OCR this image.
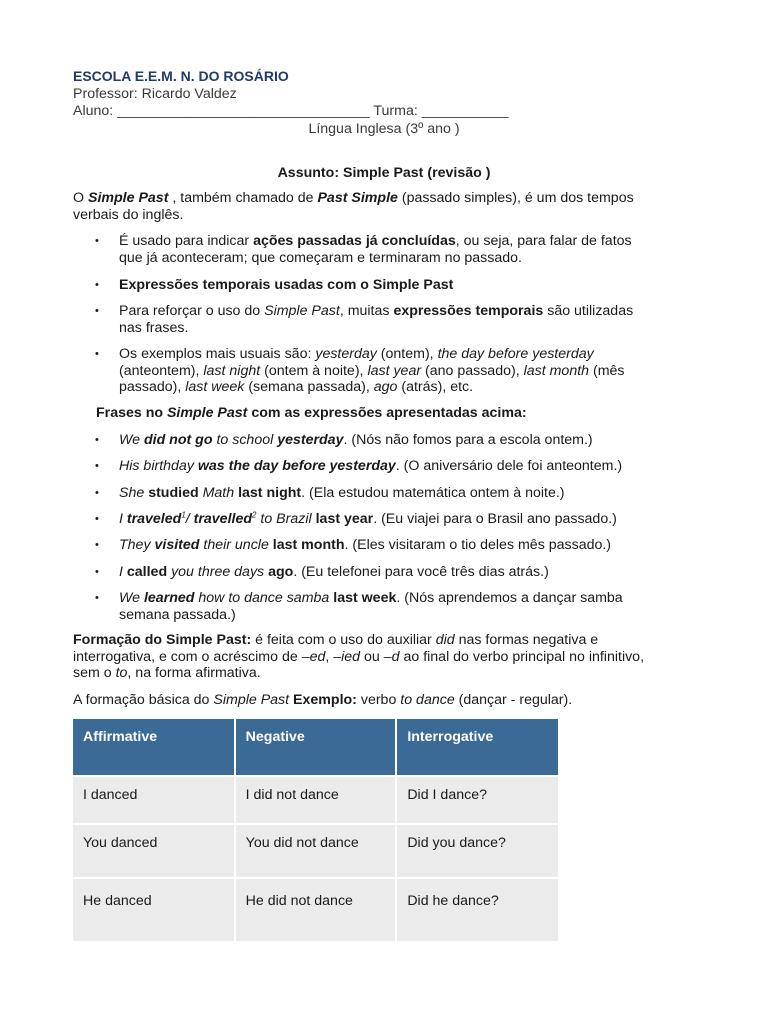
ESCOLA E.E.M. N. DO ROSÁRIO
Professor: Ricardo Valdez
Aluno: ________________________________ Turma: ___________
Língua Inglesa (3º ano )
Assunto: Simple Past (revisão )
O Simple Past , também chamado de Past Simple (passado simples), é um dos tempos verbais do inglês.
• É usado para indicar ações passadas já concluídas, ou seja, para falar de fatos que já aconteceram; que começaram e terminaram no passado.
• Expressões temporais usadas com o Simple Past
• Para reforçar o uso do Simple Past, muitas expressões temporais são utilizadas nas frases.
• Os exemplos mais usuais são: yesterday (ontem), the day before yesterday (anteontem), last night (ontem à noite), last year (ano passado), last month (mês passado), last week (semana passada), ago (atrás), etc.
Frases no Simple Past com as expressões apresentadas acima:
• We did not go to school yesterday. (Nós não fomos para a escola ontem.)
• His birthday was the day before yesterday. (O aniversário dele foi anteontem.)
• She studied Math last night. (Ela estudou matemática ontem à noite.)
• I traveled$^1$/ travelled$^2$ to Brazil last year. (Eu viajei para o Brasil ano passado.)
• They visited their uncle last month. (Eles visitaram o tio deles mês passado.)
• I called you three days ago. (Eu telefonei para você três dias atrás.)
• We learned how to dance samba last week. (Nós aprendemos a dançar samba semana passada.)
Formação do Simple Past: é feita com o uso do auxiliar did nas formas negativa e interrogativa, e com o acréscimo de –ed, –ied ou –d ao final do verbo principal no infinitivo, sem o to, na forma afirmativa.
A formação básica do Simple Past Exemplo: verbo to dance (dançar - regular).
Affirmative	Negative	Interrogative
I danced	I did not dance	Did I dance?
You danced	You did not dance	Did you dance?
He danced	He did not dance	Did he dance?
